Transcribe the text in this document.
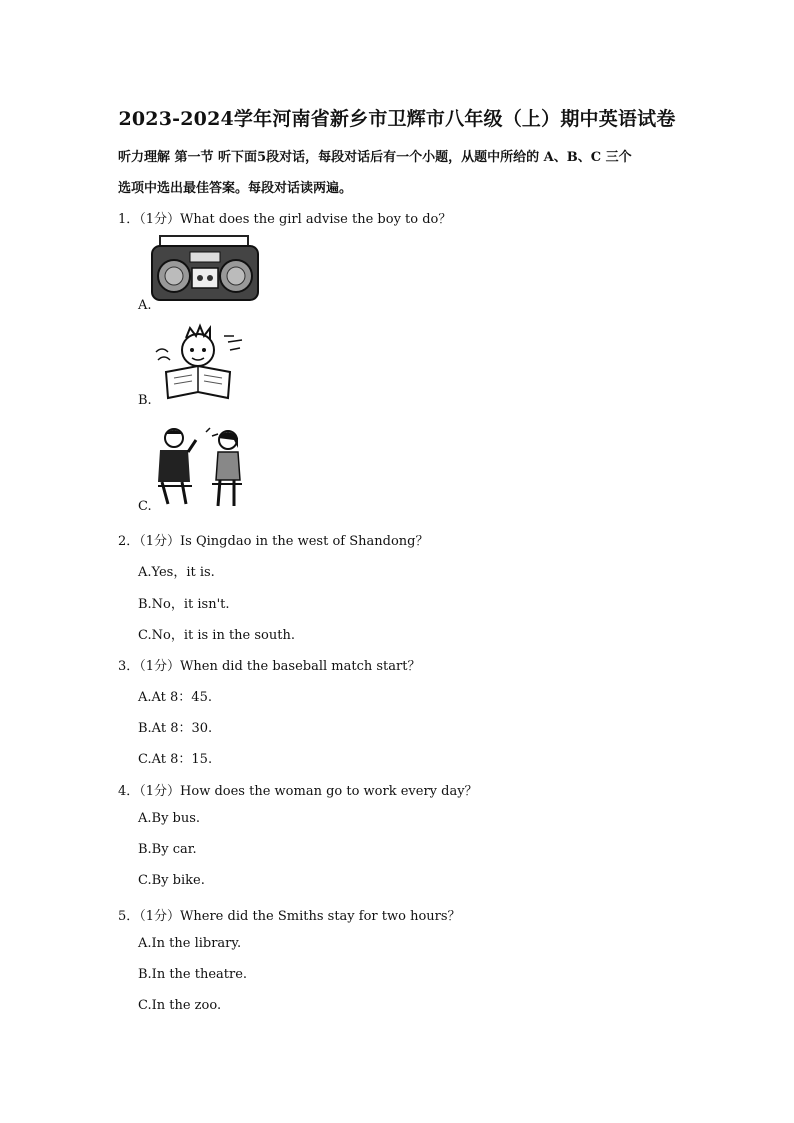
2023-2024学年河南省新乡市卫辉市八年级（上）期中英语试卷
听力理解 第一节 听下面5段对话，每段对话后有一个小题，从题中所给的 A、B、C 三个
选项中选出最佳答案。每段对话读两遍。
1．（1分）What does the girl advise the boy to do？
A.
B.
C.
2．（1分）Is Qingdao in the west of Shandong？
A.Yes，it is.
B.No，it isn't.
C.No，it is in the south.
3．（1分）When did the baseball match start？
A.At 8：45.
B.At 8：30.
C.At 8：15.
4．（1分）How does the woman go to work every day？
A.By bus.
B.By car.
C.By bike.
5．（1分）Where did the Smiths stay for two hours？
A.In the library.
B.In the theatre.
C.In the zoo.
